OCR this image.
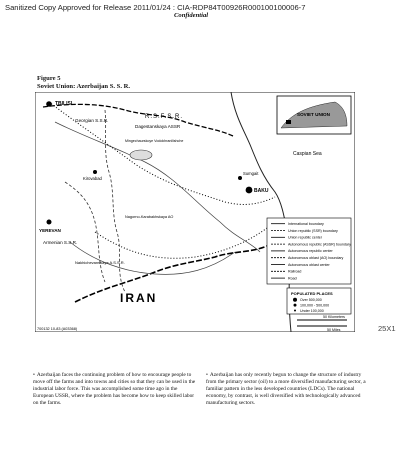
Sanitized Copy Approved for Release 2011/01/24 : CIA-RDP84T00926R000100100006-7
Confidential
Figure 5
Soviet Union: Azerbaijan S. S. R.
TBILISI
Georgian S.S.R.
R.S.F.S.R.
Dagestanskaya ASSR
Mingechaurskoye Vodokhranilishche
Kirovabad
Caspian Sea
Sumgait
BAKU
YEREVAN
Armenian S.S.R.
Nagorno-Karabakhskaya AO
Nakhichevanskaya A.S.S.R.
IRAN
SOVIET UNION
International boundary
Union republic (SSR) boundary
Union republic center
Autonomous republic (ASSR) boundary
Autonomous republic center
Autonomous oblast (AO) boundary
Autonomous oblast center
Railroad
Road
POPULATED PLACES
Over 500,000
100,000 - 500,000
Under 100,000
50 Kilometers
50 Miles
700132 10-83 (A03368)	25X1

• Azerbaijan faces the continuing problem of how to encourage people to move off the farms and into towns and cities so that they can be used in the industrial labor force. This was accomplished some time ago in the European USSR, where the problem has become how to keep skilled labor on the farms.

• Azerbaijan has only recently begun to change the structure of industry from the primary sector (oil) to a more diversified manufacturing sector, a familiar pattern in the less developed countries (LDCs). The national economy, by contrast, is well diversified with technologically advanced manufacturing sectors.
